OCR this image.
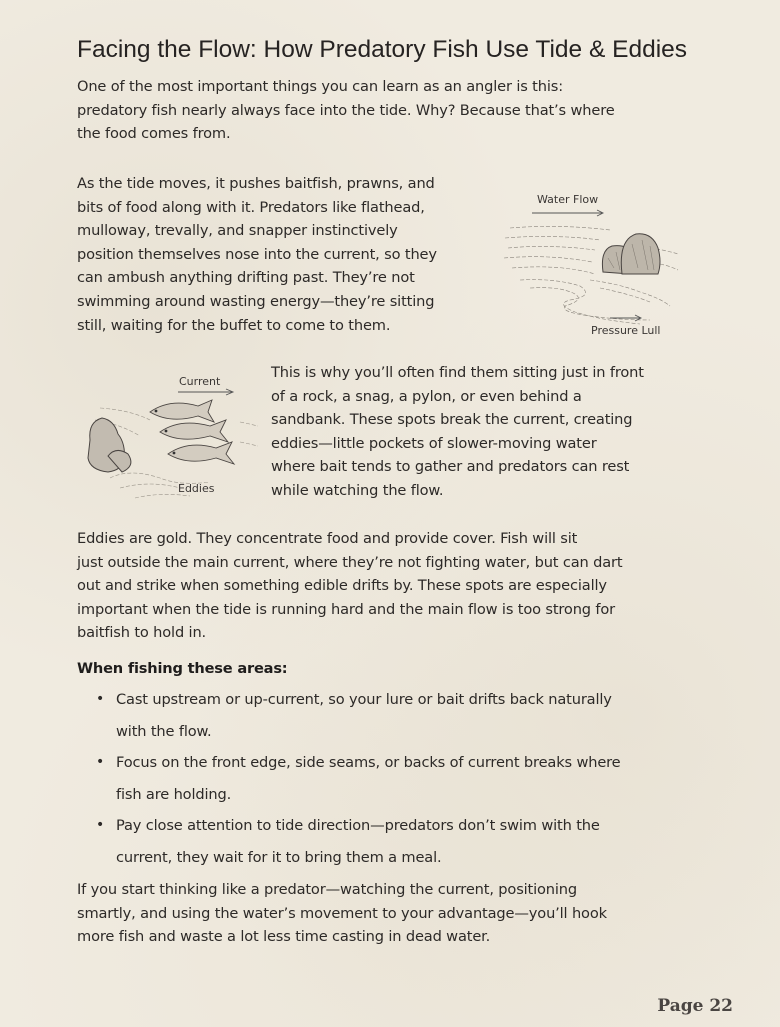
Facing the Flow: How Predatory Fish Use Tide & Eddies

One of the most important things you can learn as an angler is this:
predatory fish nearly always face into the tide. Why? Because that’s where
the food comes from.

As the tide moves, it pushes baitfish, prawns, and
bits of food along with it. Predators like flathead,
mulloway, trevally, and snapper instinctively
position themselves nose into the current, so they
can ambush anything drifting past. They’re not
swimming around wasting energy—they’re sitting
still, waiting for the buffet to come to them.

Water Flow
Pressure Lull
Current
Eddies

This is why you’ll often find them sitting just in front
of a rock, a snag, a pylon, or even behind a
sandbank. These spots break the current, creating
eddies—little pockets of slower-moving water
where bait tends to gather and predators can rest
while watching the flow.

Eddies are gold. They concentrate food and provide cover. Fish will sit
just outside the main current, where they’re not fighting water, but can dart
out and strike when something edible drifts by. These spots are especially
important when the tide is running hard and the main flow is too strong for
baitfish to hold in.

When fishing these areas:

• Cast upstream or up-current, so your lure or bait drifts back naturally
with the flow.
• Focus on the front edge, side seams, or backs of current breaks where
fish are holding.
• Pay close attention to tide direction—predators don’t swim with the
current, they wait for it to bring them a meal.

If you start thinking like a predator—watching the current, positioning
smartly, and using the water’s movement to your advantage—you’ll hook
more fish and waste a lot less time casting in dead water.

Page 22
